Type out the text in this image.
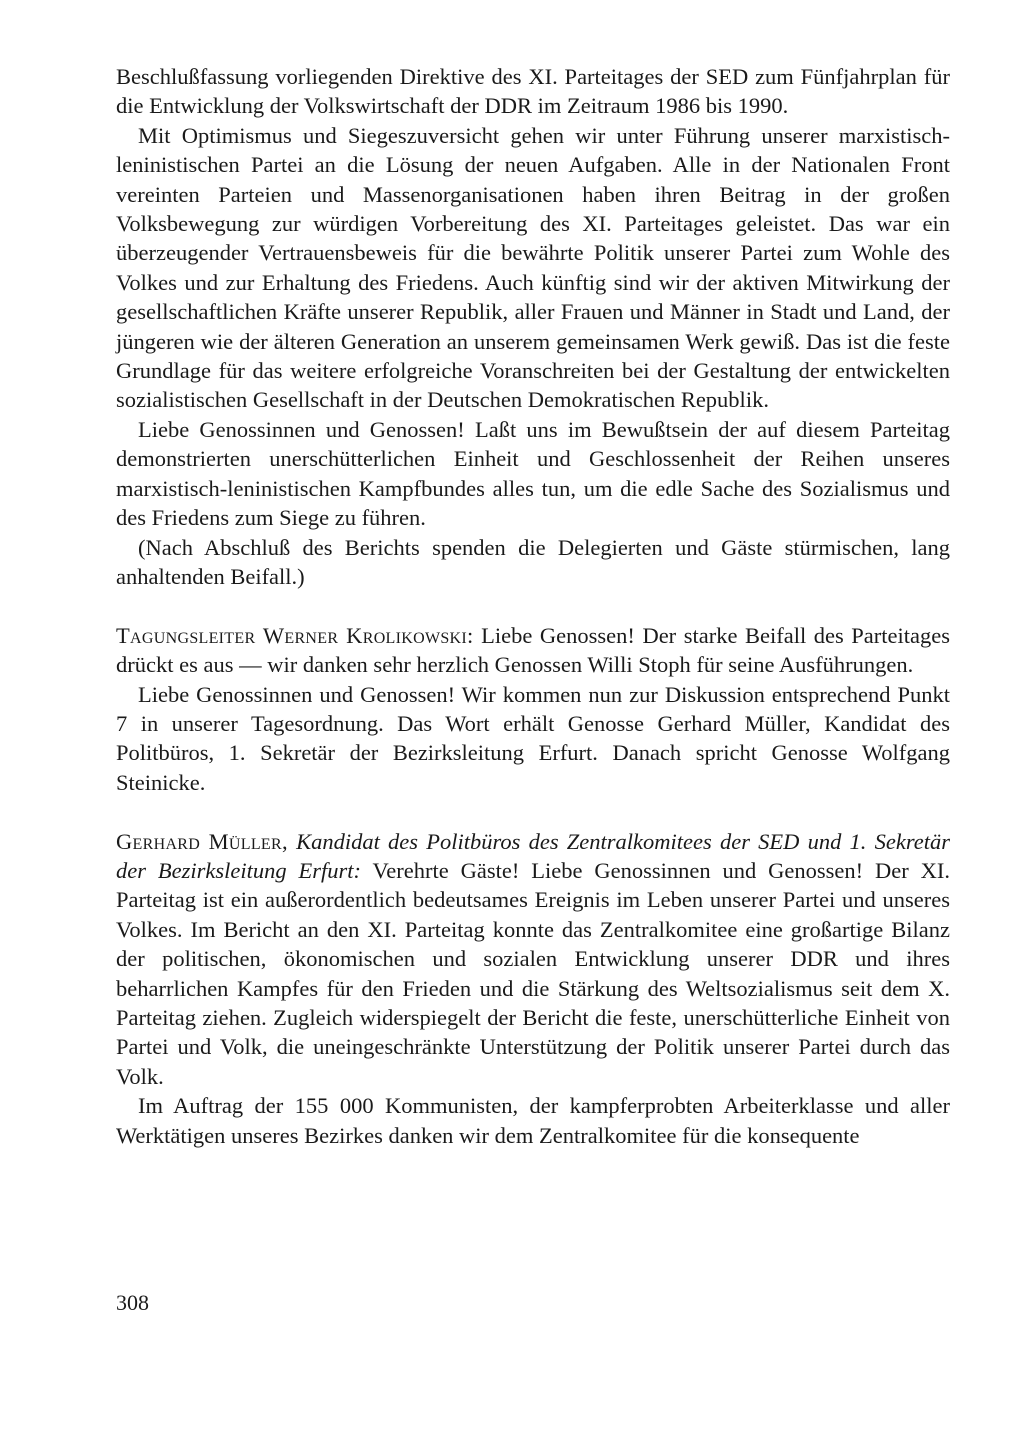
Beschlußfassung vorliegenden Direktive des XI. Parteitages der SED zum Fünfjahrplan für die Entwicklung der Volkswirtschaft der DDR im Zeitraum 1986 bis 1990.

Mit Optimismus und Siegeszuversicht gehen wir unter Führung unserer marxistisch-leninistischen Partei an die Lösung der neuen Aufgaben. Alle in der Nationalen Front vereinten Parteien und Massenorganisationen haben ihren Beitrag in der großen Volksbewegung zur würdigen Vorbereitung des XI. Parteitages geleistet. Das war ein überzeugender Vertrauensbeweis für die bewährte Politik unserer Partei zum Wohle des Volkes und zur Erhaltung des Friedens. Auch künftig sind wir der aktiven Mitwirkung der gesellschaftlichen Kräfte unserer Republik, aller Frauen und Männer in Stadt und Land, der jüngeren wie der älteren Generation an unserem gemeinsamen Werk gewiß. Das ist die feste Grundlage für das weitere erfolgreiche Voranschreiten bei der Gestaltung der entwickelten sozialistischen Gesellschaft in der Deutschen Demokratischen Republik.

Liebe Genossinnen und Genossen! Laßt uns im Bewußtsein der auf diesem Parteitag demonstrierten unerschütterlichen Einheit und Geschlossenheit der Reihen unseres marxistisch-leninistischen Kampfbundes alles tun, um die edle Sache des Sozialismus und des Friedens zum Siege zu führen.

(Nach Abschluß des Berichts spenden die Delegierten und Gäste stürmischen, lang anhaltenden Beifall.)

Tagungsleiter Werner Krolikowski: Liebe Genossen! Der starke Beifall des Parteitages drückt es aus — wir danken sehr herzlich Genossen Willi Stoph für seine Ausführungen.

Liebe Genossinnen und Genossen! Wir kommen nun zur Diskussion entsprechend Punkt 7 in unserer Tagesordnung. Das Wort erhält Genosse Gerhard Müller, Kandidat des Politbüros, 1. Sekretär der Bezirksleitung Erfurt. Danach spricht Genosse Wolfgang Steinicke.

Gerhard Müller, Kandidat des Politbüros des Zentralkomitees der SED und 1. Sekretär der Bezirksleitung Erfurt: Verehrte Gäste! Liebe Genossinnen und Genossen! Der XI. Parteitag ist ein außerordentlich bedeutsames Ereignis im Leben unserer Partei und unseres Volkes. Im Bericht an den XI. Parteitag konnte das Zentralkomitee eine großartige Bilanz der politischen, ökonomischen und sozialen Entwicklung unserer DDR und ihres beharrlichen Kampfes für den Frieden und die Stärkung des Weltsozialismus seit dem X. Parteitag ziehen. Zugleich widerspiegelt der Bericht die feste, unerschütterliche Einheit von Partei und Volk, die uneingeschränkte Unterstützung der Politik unserer Partei durch das Volk.

Im Auftrag der 155 000 Kommunisten, der kampferprobten Arbeiterklasse und aller Werktätigen unseres Bezirkes danken wir dem Zentralkomitee für die konsequente

308
